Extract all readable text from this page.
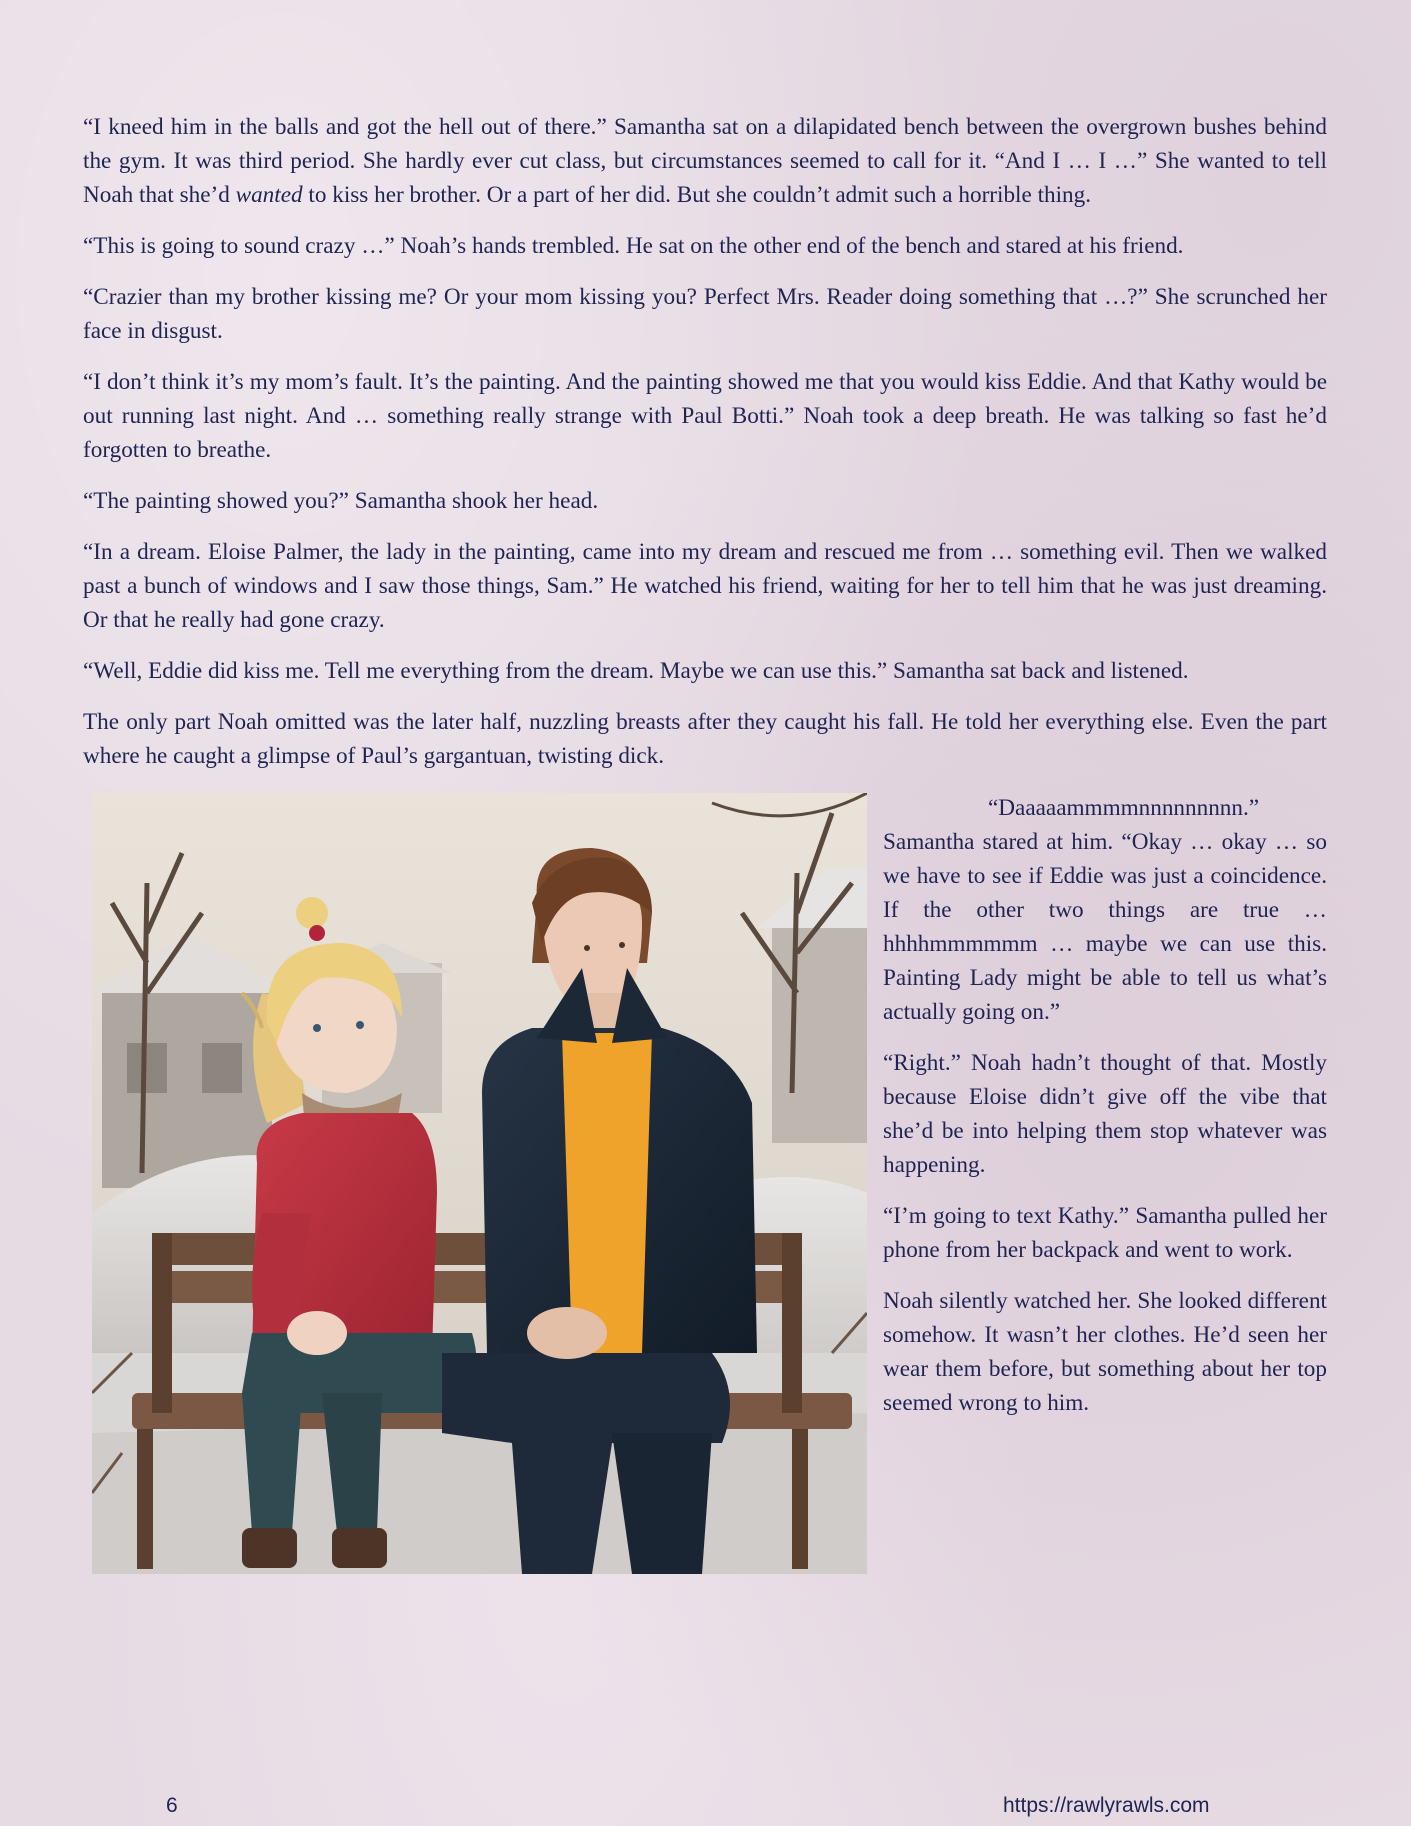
“I kneed him in the balls and got the hell out of there.” Samantha sat on a dilapidated bench between the overgrown bushes behind the gym. It was third period. She hardly ever cut class, but circumstances seemed to call for it. “And I … I …” She wanted to tell Noah that she’d wanted to kiss her brother. Or a part of her did. But she couldn’t admit such a horrible thing.

“This is going to sound crazy …” Noah’s hands trembled. He sat on the other end of the bench and stared at his friend.

“Crazier than my brother kissing me? Or your mom kissing you? Perfect Mrs. Reader doing something that …?” She scrunched her face in disgust.

“I don’t think it’s my mom’s fault. It’s the painting. And the painting showed me that you would kiss Eddie. And that Kathy would be out running last night. And … something really strange with Paul Botti.” Noah took a deep breath. He was talking so fast he’d forgotten to breathe.

“The painting showed you?” Samantha shook her head.

“In a dream. Eloise Palmer, the lady in the painting, came into my dream and rescued me from … something evil. Then we walked past a bunch of windows and I saw those things, Sam.” He watched his friend, waiting for her to tell him that he was just dreaming. Or that he really had gone crazy.

“Well, Eddie did kiss me. Tell me everything from the dream. Maybe we can use this.” Samantha sat back and listened.

The only part Noah omitted was the later half, nuzzling breasts after they caught his fall. He told her everything else. Even the part where he caught a glimpse of Paul’s gargantuan, twisting dick.

“Daaaaammmmnnnnnnnnn.” Samantha stared at him. “Okay … okay … so we have to see if Eddie was just a coincidence. If the other two things are true … hhhhmmmmmm … maybe we can use this. Painting Lady might be able to tell us what’s actually going on.”

“Right.” Noah hadn’t thought of that. Mostly because Eloise didn’t give off the vibe that she’d be into helping them stop whatever was happening.

“I’m going to text Kathy.” Samantha pulled her phone from her backpack and went to work.

Noah silently watched her. She looked different somehow. It wasn’t her clothes. He’d seen her wear them before, but something about her top seemed wrong to him.

6	https://rawlyrawls.com
